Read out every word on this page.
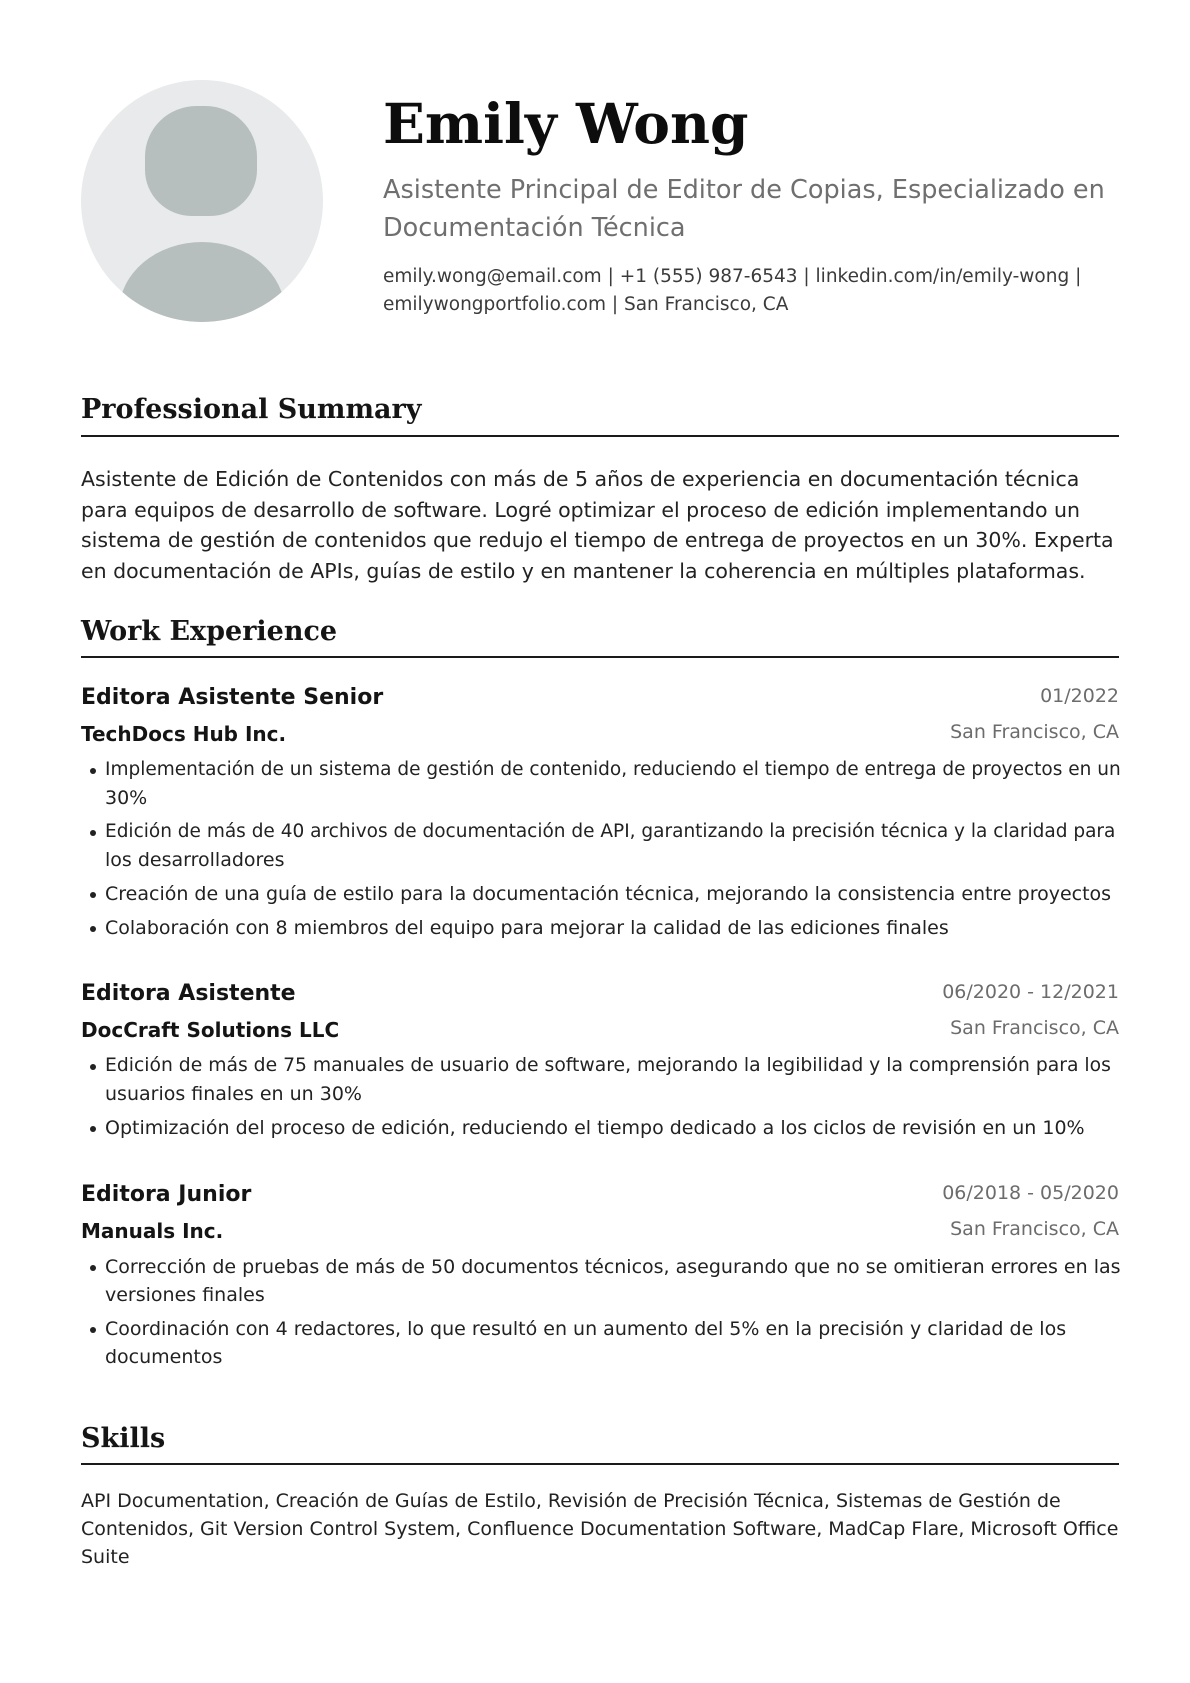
Emily Wong
Asistente Principal de Editor de Copias, Especializado en
Documentación Técnica
emily.wong@email.com | +1 (555) 987-6543 | linkedin.com/in/emily-wong |
emilywongportfolio.com | San Francisco, CA
Professional Summary
Asistente de Edición de Contenidos con más de 5 años de experiencia en documentación técnica
para equipos de desarrollo de software. Logré optimizar el proceso de edición implementando un
sistema de gestión de contenidos que redujo el tiempo de entrega de proyectos en un 30%. Experta
en documentación de APIs, guías de estilo y en mantener la coherencia en múltiples plataformas.
Work Experience
Editora Asistente Senior	01/2022
TechDocs Hub Inc.	San Francisco, CA
Implementación de un sistema de gestión de contenido, reduciendo el tiempo de entrega de proyectos en un
30%
Edición de más de 40 archivos de documentación de API, garantizando la precisión técnica y la claridad para
los desarrolladores
Creación de una guía de estilo para la documentación técnica, mejorando la consistencia entre proyectos
Colaboración con 8 miembros del equipo para mejorar la calidad de las ediciones finales
Editora Asistente	06/2020 - 12/2021
DocCraft Solutions LLC	San Francisco, CA
Edición de más de 75 manuales de usuario de software, mejorando la legibilidad y la comprensión para los
usuarios finales en un 30%
Optimización del proceso de edición, reduciendo el tiempo dedicado a los ciclos de revisión en un 10%
Editora Junior	06/2018 - 05/2020
Manuals Inc.	San Francisco, CA
Corrección de pruebas de más de 50 documentos técnicos, asegurando que no se omitieran errores en las
versiones finales
Coordinación con 4 redactores, lo que resultó en un aumento del 5% en la precisión y claridad de los
documentos
Skills
API Documentation, Creación de Guías de Estilo, Revisión de Precisión Técnica, Sistemas de Gestión de
Contenidos, Git Version Control System, Confluence Documentation Software, MadCap Flare, Microsoft Office
Suite
